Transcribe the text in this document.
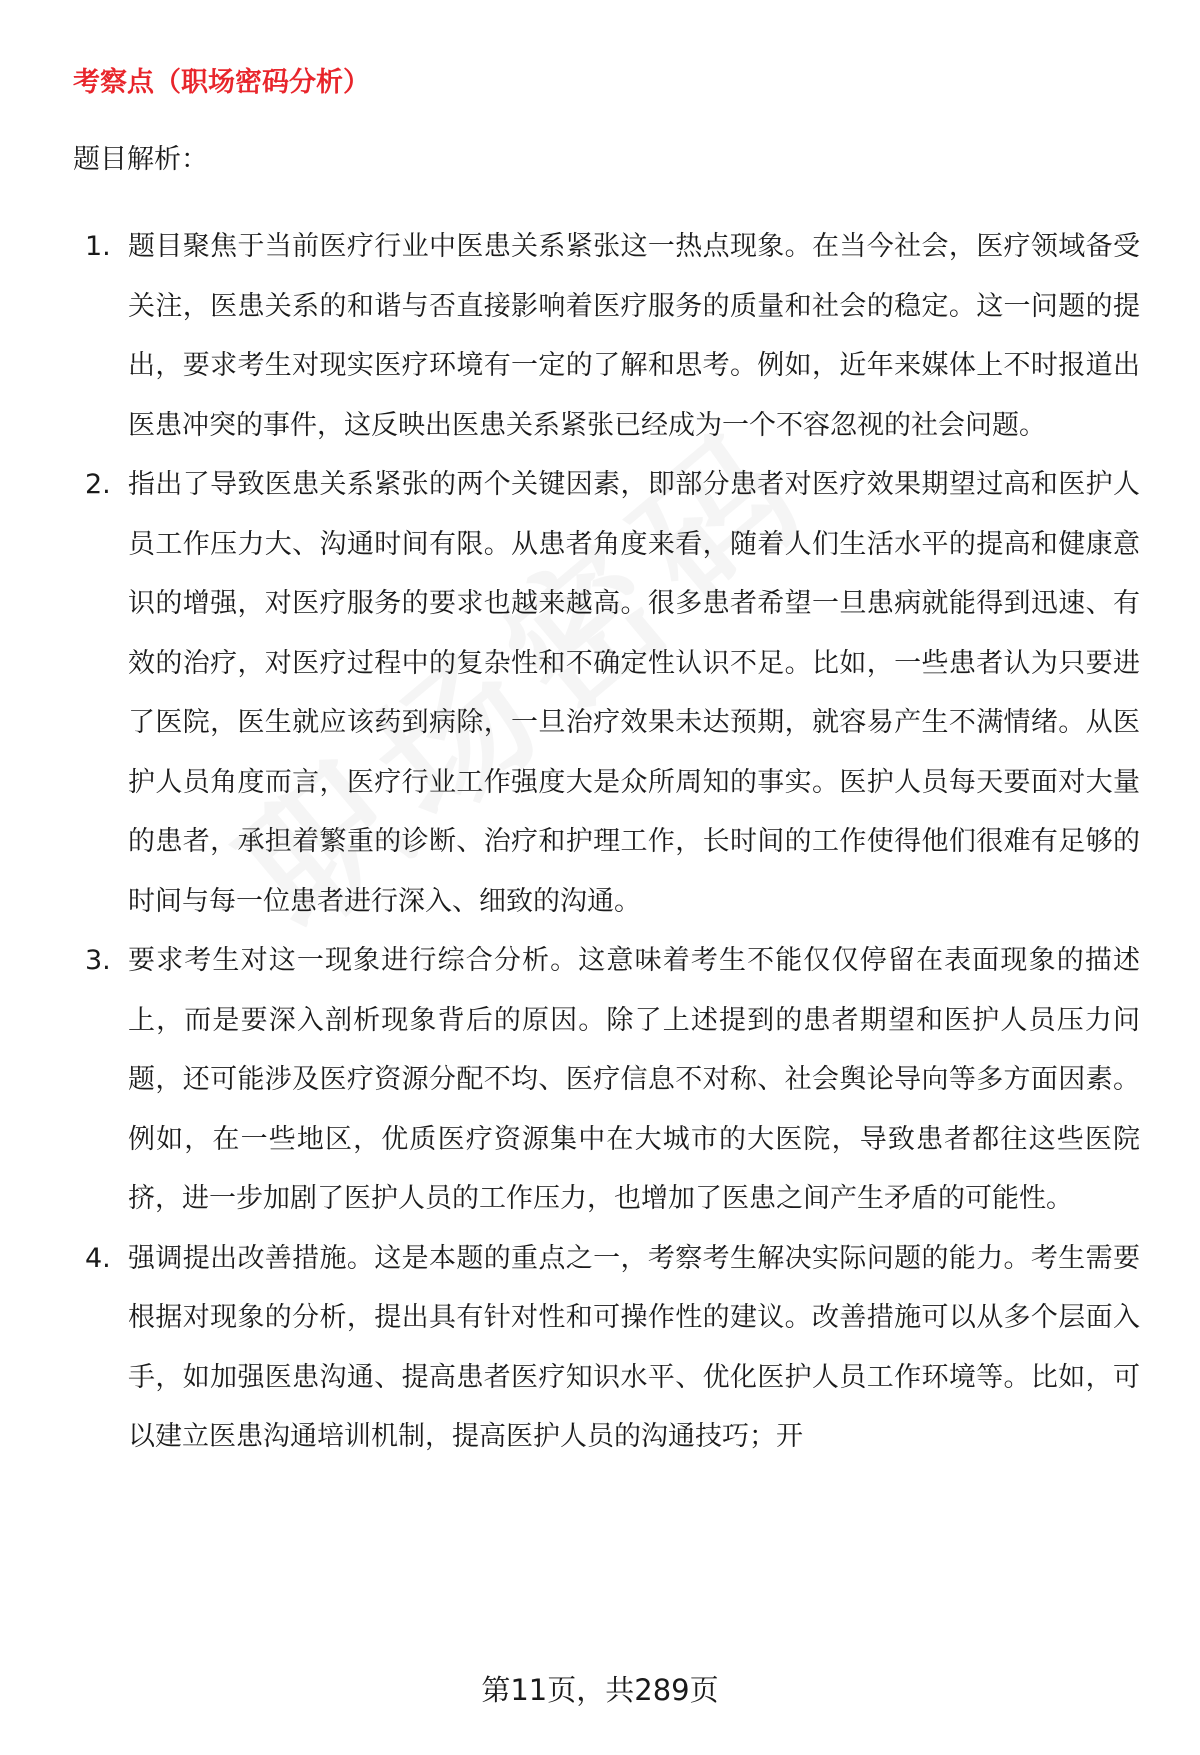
考察点（职场密码分析）
题目解析：
1. 题目聚焦于当前医疗行业中医患关系紧张这一热点现象。在当今社会，医疗领域备受关注，医患关系的和谐与否直接影响着医疗服务的质量和社会的稳定。这一问题的提出，要求考生对现实医疗环境有一定的了解和思考。例如，近年来媒体上不时报道出医患冲突的事件，这反映出医患关系紧张已经成为一个不容忽视的社会问题。
2. 指出了导致医患关系紧张的两个关键因素，即部分患者对医疗效果期望过高和医护人员工作压力大、沟通时间有限。从患者角度来看，随着人们生活水平的提高和健康意识的增强，对医疗服务的要求也越来越高。很多患者希望一旦患病就能得到迅速、有效的治疗，对医疗过程中的复杂性和不确定性认识不足。比如，一些患者认为只要进了医院，医生就应该药到病除，一旦治疗效果未达预期，就容易产生不满情绪。从医护人员角度而言，医疗行业工作强度大是众所周知的事实。医护人员每天要面对大量的患者，承担着繁重的诊断、治疗和护理工作，长时间的工作使得他们很难有足够的时间与每一位患者进行深入、细致的沟通。
3. 要求考生对这一现象进行综合分析。这意味着考生不能仅仅停留在表面现象的描述上，而是要深入剖析现象背后的原因。除了上述提到的患者期望和医护人员压力问题，还可能涉及医疗资源分配不均、医疗信息不对称、社会舆论导向等多方面因素。例如，在一些地区，优质医疗资源集中在大城市的大医院，导致患者都往这些医院挤，进一步加剧了医护人员的工作压力，也增加了医患之间产生矛盾的可能性。
4. 强调提出改善措施。这是本题的重点之一，考察考生解决实际问题的能力。考生需要根据对现象的分析，提出具有针对性和可操作性的建议。改善措施可以从多个层面入手，如加强医患沟通、提高患者医疗知识水平、优化医护人员工作环境等。比如，可以建立医患沟通培训机制，提高医护人员的沟通技巧；开
第11页，共289页
